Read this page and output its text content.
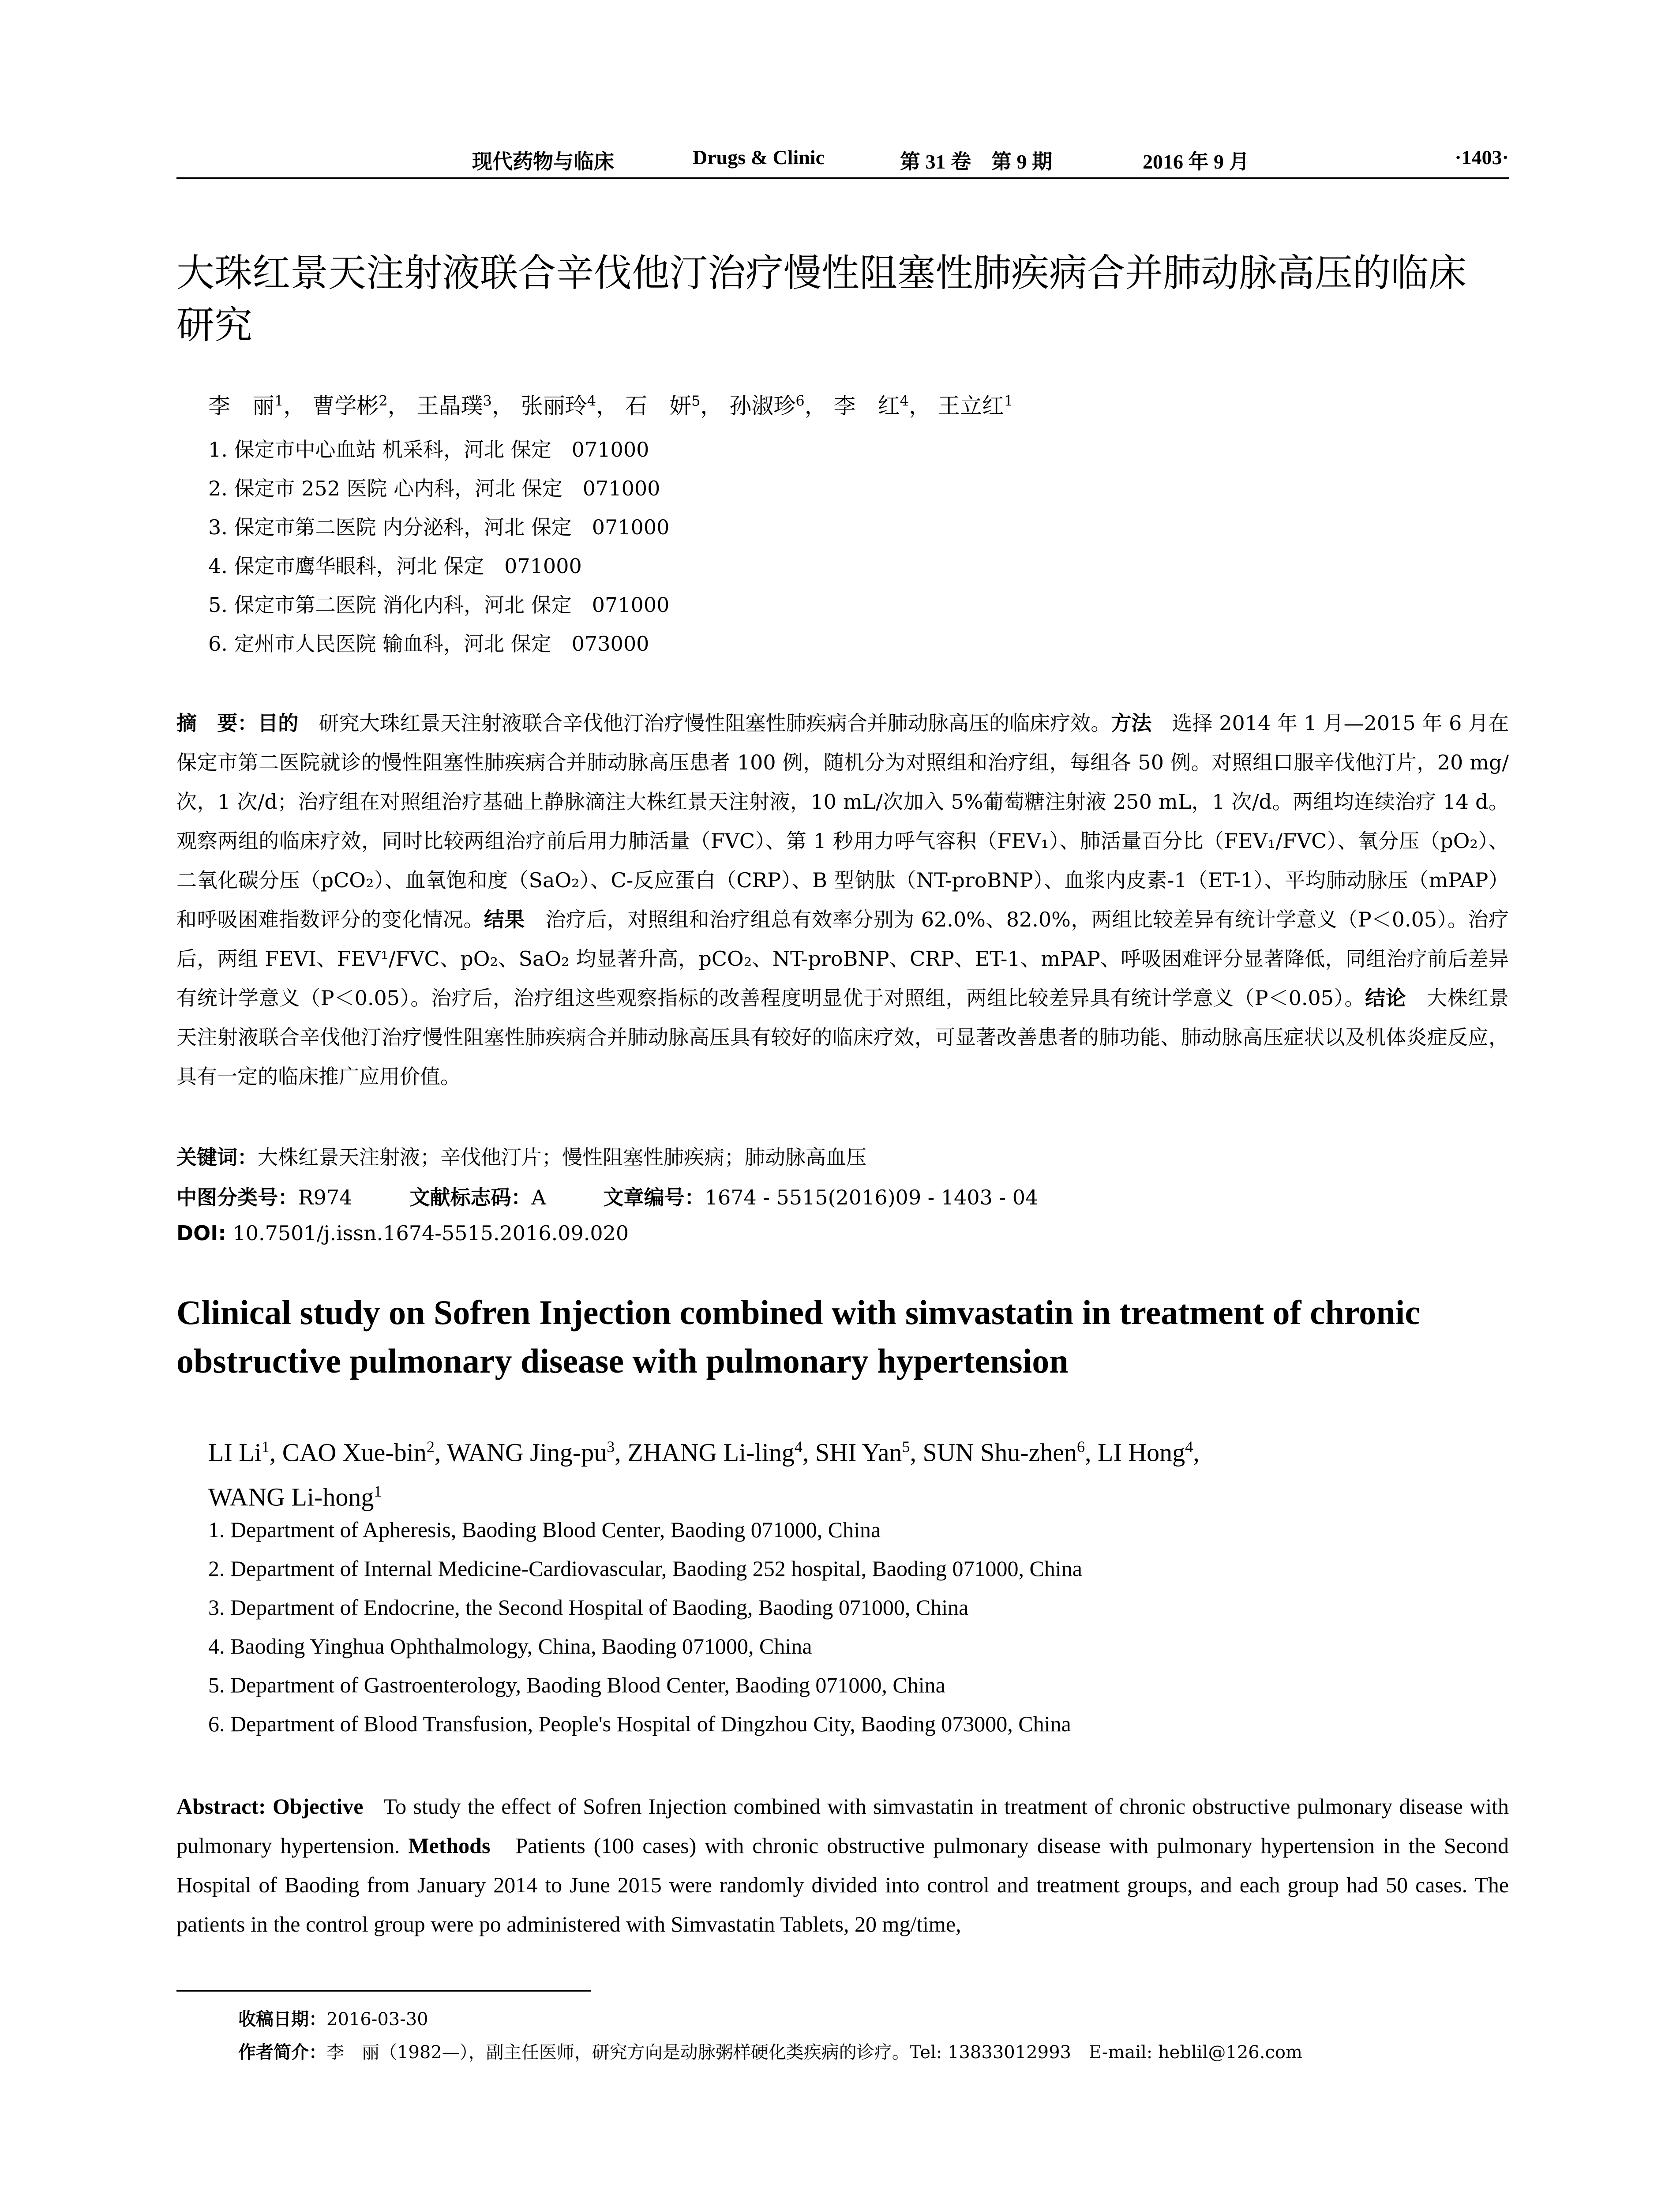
现代药物与临床	Drugs & Clinic	第 31 卷　第 9 期	2016 年 9 月	·1403·
大珠红景天注射液联合辛伐他汀治疗慢性阻塞性肺疾病合并肺动脉高压的临床研究
李　丽$^1$， 曹学彬$^2$， 王晶璞$^3$， 张丽玲$^4$， 石　妍$^5$， 孙淑珍$^6$， 李　红$^4$， 王立红$^1$
1. 保定市中心血站 机采科，河北 保定　071000
2. 保定市 252 医院 心内科，河北 保定　071000
3. 保定市第二医院 内分泌科，河北 保定　071000
4. 保定市鹰华眼科，河北 保定　071000
5. 保定市第二医院 消化内科，河北 保定　071000
6. 定州市人民医院 输血科，河北 保定　073000

摘　要：目的　 研究大珠红景天注射液联合辛伐他汀治疗慢性阻塞性肺疾病合并肺动脉高压的临床疗效。方法　 选择 2014 年 1 月—2015 年 6 月在保定市第二医院就诊的慢性阻塞性肺疾病合并肺动脉高压患者 100 例，随机分为对照组和治疗组，每组各 50 例。对照组口服辛伐他汀片，20 mg/次，1 次/d；治疗组在对照组治疗基础上静脉滴注大株红景天注射液，10 mL/次加入 5%葡萄糖注射液 250 mL，1 次/d。两组均连续治疗 14 d。观察两组的临床疗效，同时比较两组治疗前后用力肺活量（FVC）、第 1 秒用力呼气容积（FEV₁）、肺活量百分比（FEV₁/FVC）、氧分压（pO₂）、二氧化碳分压（pCO₂）、血氧饱和度（SaO₂）、C-反应蛋白（CRP）、B 型钠肽（NT-proBNP）、血浆内皮素-1（ET-1）、平均肺动脉压（mPAP）和呼吸困难指数评分的变化情况。结果　 治疗后，对照组和治疗组总有效率分别为 62.0%、82.0%，两组比较差异有统计学意义（P＜0.05）。治疗后，两组 FEVI、FEV¹/FVC、pO₂、SaO₂ 均显著升高，pCO₂、NT-proBNP、CRP、ET-1、mPAP、呼吸困难评分显著降低，同组治疗前后差异有统计学意义（P＜0.05）。治疗后，治疗组这些观察指标的改善程度明显优于对照组，两组比较差异具有统计学意义（P＜0.05）。结论　 大株红景天注射液联合辛伐他汀治疗慢性阻塞性肺疾病合并肺动脉高压具有较好的临床疗效，可显著改善患者的肺功能、肺动脉高压症状以及机体炎症反应，具有一定的临床推广应用价值。

关键词：大株红景天注射液；辛伐他汀片；慢性阻塞性肺疾病；肺动脉高血压
中图分类号：R974	文献标志码：A	文章编号：1674 - 5515(2016)09 - 1403 - 04
DOI: 10.7501/j.issn.1674-5515.2016.09.020
Clinical study on Sofren Injection combined with simvastatin in treatment of chronic obstructive pulmonary disease with pulmonary hypertension
LI Li$^1$, CAO Xue-bin$^2$, WANG Jing-$pu^3$, ZHANG Li-ling$^4$, SHI Yan$^5$, SUN Shu-zhen$^6$, LI Hong$^4$,
WANG Li-hong$^1$
1. Department of Apheresis, Baoding Blood Center, Baoding 071000, China
2. Department of Internal Medicine-Cardiovascular, Baoding 252 hospital, Baoding 071000, China
3. Department of Endocrine, the Second Hospital of Baoding, Baoding 071000, China
4. Baoding Yinghua Ophthalmology, China, Baoding 071000, China
5. Department of Gastroenterology, Baoding Blood Center, Baoding 071000, China
6. Department of Blood Transfusion, People's Hospital of Dingzhou City, Baoding 073000, China

Abstract: Objective To study the effect of Sofren Injection combined with simvastatin in treatment of chronic obstructive pulmonary disease with pulmonary hypertension. Methods Patients (100 cases) with chronic obstructive pulmonary disease with pulmonary hypertension in the Second Hospital of Baoding from January 2014 to June 2015 were randomly divided into control and treatment groups, and each group had 50 cases. The patients in the control group were po administered with Simvastatin Tablets, 20 mg/time,

收稿日期：2016-03-30
作者简介：李　丽（1982—），副主任医师，研究方向是动脉粥样硬化类疾病的诊疗。Tel: 13833012993　E-mail: heblil@126.com
